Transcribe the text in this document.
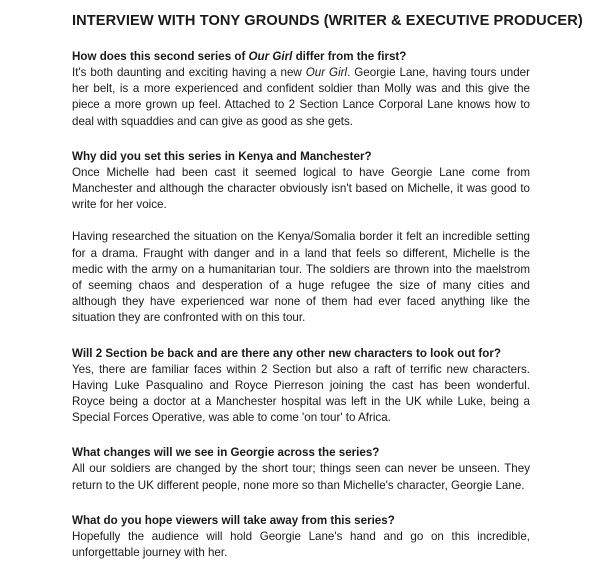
INTERVIEW WITH TONY GROUNDS (WRITER & EXECUTIVE PRODUCER)

How does this second series of Our Girl differ from the first?

It's both daunting and exciting having a new Our Girl. Georgie Lane, having tours under her belt, is a more experienced and confident soldier than Molly was and this give the piece a more grown up feel. Attached to 2 Section Lance Corporal Lane knows how to deal with squaddies and can give as good as she gets.

Why did you set this series in Kenya and Manchester?

Once Michelle had been cast it seemed logical to have Georgie Lane come from Manchester and although the character obviously isn't based on Michelle, it was good to write for her voice.

Having researched the situation on the Kenya/Somalia border it felt an incredible setting for a drama. Fraught with danger and in a land that feels so different, Michelle is the medic with the army on a humanitarian tour. The soldiers are thrown into the maelstrom of seeming chaos and desperation of a huge refugee the size of many cities and although they have experienced war none of them had ever faced anything like the situation they are confronted with on this tour.

Will 2 Section be back and are there any other new characters to look out for?

Yes, there are familiar faces within 2 Section but also a raft of terrific new characters. Having Luke Pasqualino and Royce Pierreson joining the cast has been wonderful. Royce being a doctor at a Manchester hospital was left in the UK while Luke, being a Special Forces Operative, was able to come 'on tour' to Africa.

What changes will we see in Georgie across the series?

All our soldiers are changed by the short tour; things seen can never be unseen. They return to the UK different people, none more so than Michelle's character, Georgie Lane.

What do you hope viewers will take away from this series?

Hopefully the audience will hold Georgie Lane's hand and go on this incredible, unforgettable journey with her.
